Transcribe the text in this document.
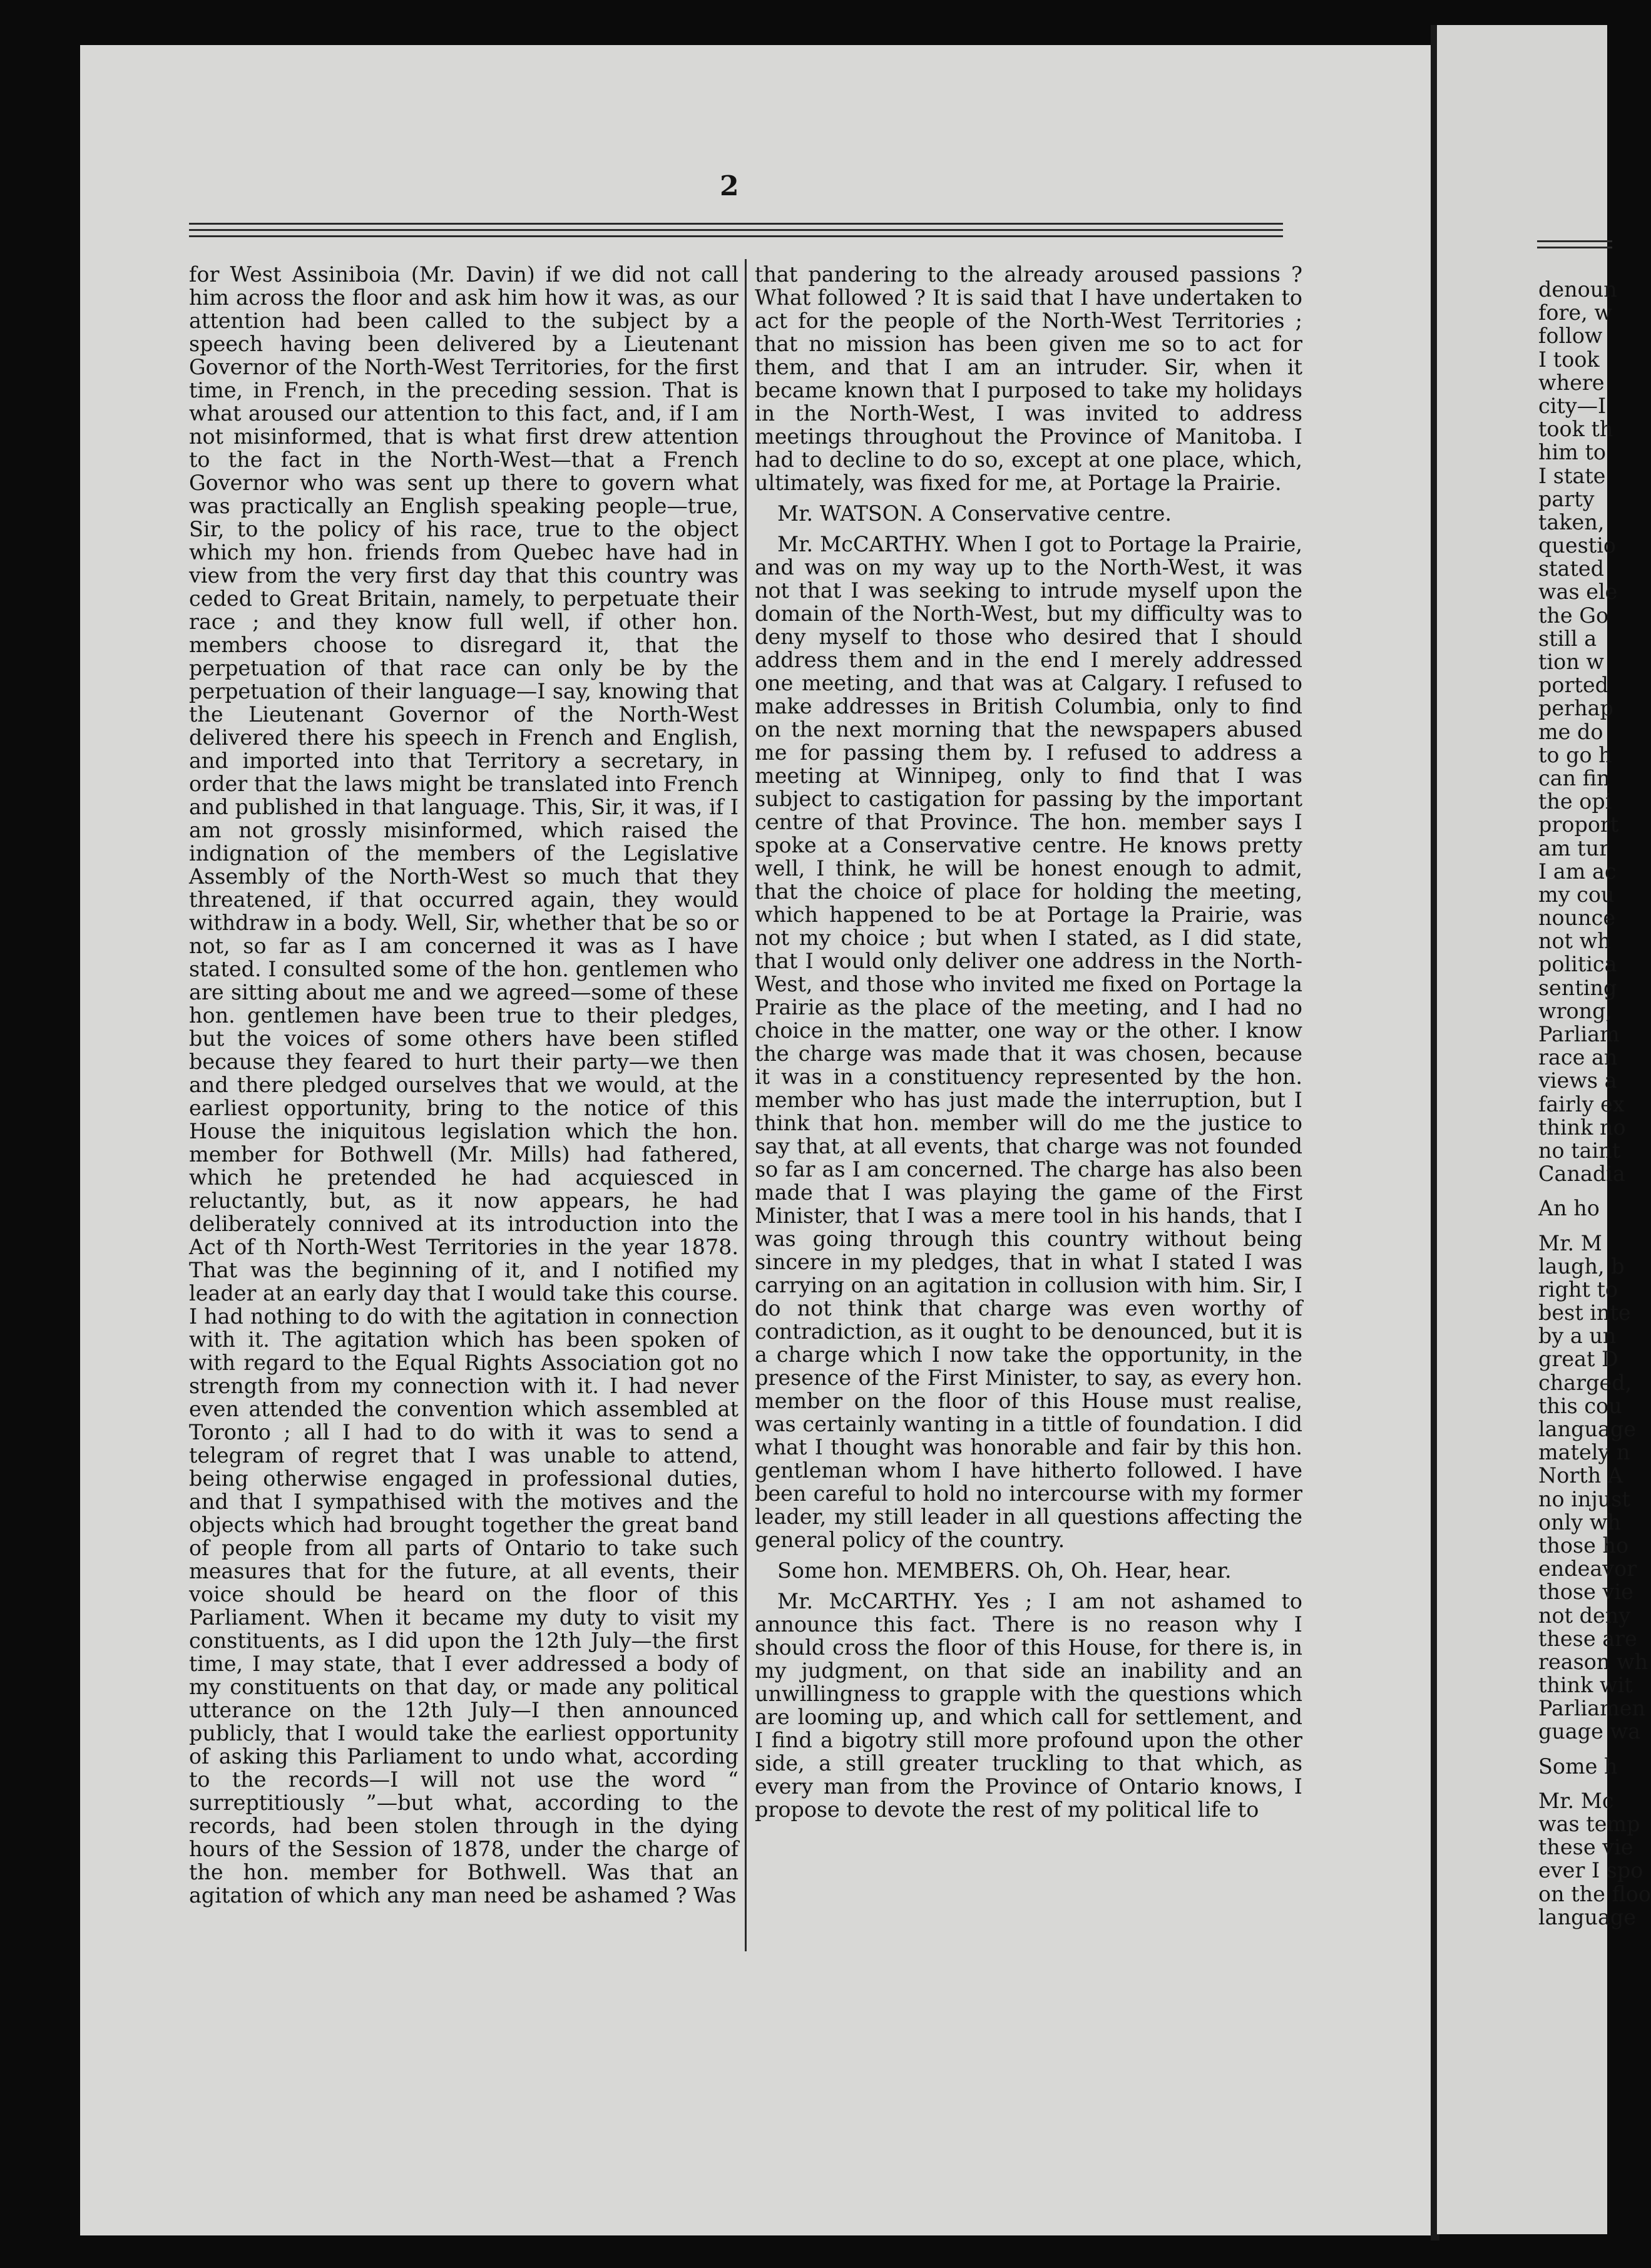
denoun
fore, w
follow
I took
where
city—I
took th
him to
I state
party
taken,
questio
stated
was ele
the Go
still a
tion w
ported
perhap
me do
to go h
can fin
the opi
proport
am tur
I am ac
my cou
nounce
not wh
politica
senting
wrong,
Parliam
race an
views a
fairly ex
think no
no taint
Canadia
An ho
Mr. M
laugh, b
right to
best inte
by a un
great D
charged,
this cou
language
mately n
North A
no injust
only wh
those ho
endeavor
those vie
not deny
these are
reason wh
think wit
Parliamen
guage wa
Some h
Mr. Mc
was temp
these vie
ever I spo
on the floo
language
2

for West Assiniboia (Mr. Davin) if we did not call him across the floor and ask him how it was, as our attention had been called to the subject by a speech having been delivered by a Lieutenant Governor of the North-West Territories, for the first time, in French, in the preceding session. That is what aroused our attention to this fact, and, if I am not misinformed, that is what first drew attention to the fact in the North-West—that a French Governor who was sent up there to govern what was practically an English speaking people—true, Sir, to the policy of his race, true to the object which my hon. friends from Quebec have had in view from the very first day that this country was ceded to Great Britain, namely, to perpetuate their race ; and they know full well, if other hon. members choose to disregard it, that the perpetuation of that race can only be by the perpetuation of their language—I say, knowing that the Lieutenant Governor of the North-West delivered there his speech in French and English, and imported into that Territory a secretary, in order that the laws might be translated into French and published in that language. This, Sir, it was, if I am not grossly misinformed, which raised the indignation of the members of the Legislative Assembly of the North-West so much that they threatened, if that occurred again, they would withdraw in a body. Well, Sir, whether that be so or not, so far as I am concerned it was as I have stated. I consulted some of the hon. gentlemen who are sitting about me and we agreed—some of these hon. gentlemen have been true to their pledges, but the voices of some others have been stifled because they feared to hurt their party—we then and there pledged ourselves that we would, at the earliest opportunity, bring to the notice of this House the iniquitous legislation which the hon. member for Bothwell (Mr. Mills) had fathered, which he pretended he had acquiesced in reluctantly, but, as it now appears, he had deliberately connived at its introduction into the Act of th North-West Territories in the year 1878. That was the beginning of it, and I notified my leader at an early day that I would take this course. I had nothing to do with the agitation in connection with it. The agitation which has been spoken of with regard to the Equal Rights Association got no strength from my connection with it. I had never even attended the convention which assembled at Toronto ; all I had to do with it was to send a telegram of regret that I was unable to attend, being otherwise engaged in professional duties, and that I sympathised with the motives and the objects which had brought together the great band of people from all parts of Ontario to take such measures that for the future, at all events, their voice should be heard on the floor of this Parliament. When it became my duty to visit my constituents, as I did upon the 12th July—the first time, I may state, that I ever addressed a body of my constituents on that day, or made any political utterance on the 12th July—I then announced publicly, that I would take the earliest opportunity of asking this Parliament to undo what, according to the records—I will not use the word “ surreptitiously ”—but what, according to the records, had been stolen through in the dying hours of the Session of 1878, under the charge of the hon. member for Bothwell. Was that an agitation of which any man need be ashamed ? Was

that pandering to the already aroused passions ? What followed ? It is said that I have undertaken to act for the people of the North-West Territories ; that no mission has been given me so to act for them, and that I am an intruder. Sir, when it became known that I purposed to take my holidays in the North-West, I was invited to address meetings throughout the Province of Manitoba. I had to decline to do so, except at one place, which, ultimately, was fixed for me, at Portage la Prairie.

Mr. WATSON. A Conservative centre.

Mr. McCARTHY. When I got to Portage la Prairie, and was on my way up to the North-West, it was not that I was seeking to intrude myself upon the domain of the North-West, but my difficulty was to deny myself to those who desired that I should address them and in the end I merely addressed one meeting, and that was at Calgary. I refused to make addresses in British Columbia, only to find on the next morning that the newspapers abused me for passing them by. I refused to address a meeting at Winnipeg, only to find that I was subject to castigation for passing by the important centre of that Province. The hon. member says I spoke at a Conservative centre. He knows pretty well, I think, he will be honest enough to admit, that the choice of place for holding the meeting, which happened to be at Portage la Prairie, was not my choice ; but when I stated, as I did state, that I would only deliver one address in the North-West, and those who invited me fixed on Portage la Prairie as the place of the meeting, and I had no choice in the matter, one way or the other. I know the charge was made that it was chosen, because it was in a constituency represented by the hon. member who has just made the interruption, but I think that hon. member will do me the justice to say that, at all events, that charge was not founded so far as I am concerned. The charge has also been made that I was playing the game of the First Minister, that I was a mere tool in his hands, that I was going through this country without being sincere in my pledges, that in what I stated I was carrying on an agitation in collusion with him. Sir, I do not think that charge was even worthy of contradiction, as it ought to be denounced, but it is a charge which I now take the opportunity, in the presence of the First Minister, to say, as every hon. member on the floor of this House must realise, was certainly wanting in a tittle of foundation. I did what I thought was honorable and fair by this hon. gentleman whom I have hitherto followed. I have been careful to hold no intercourse with my former leader, my still leader in all questions affecting the general policy of the country.

Some hon. MEMBERS. Oh, Oh. Hear, hear.

Mr. McCARTHY. Yes ; I am not ashamed to announce this fact. There is no reason why I should cross the floor of this House, for there is, in my judgment, on that side an inability and an unwillingness to grapple with the questions which are looming up, and which call for settlement, and I find a bigotry still more profound upon the other side, a still greater truckling to that which, as every man from the Province of Ontario knows, I propose to devote the rest of my political life to
